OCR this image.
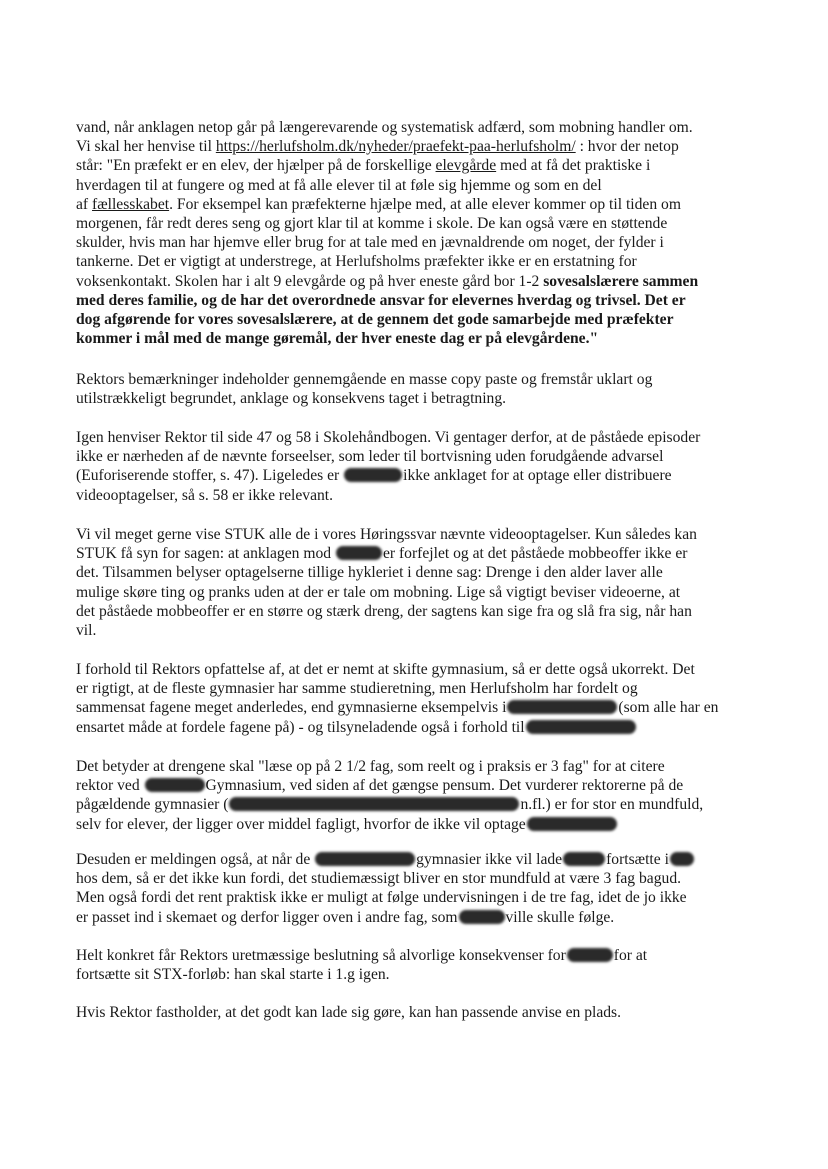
vand, når anklagen netop går på længerevarende og systematisk adfærd, som mobning handler om.
Vi skal her henvise til https://herlufsholm.dk/nyheder/praefekt-paa-herlufsholm/ : hvor der netop
står: "En præfekt er en elev, der hjælper på de forskellige elevgårde med at få det praktiske i
hverdagen til at fungere og med at få alle elever til at føle sig hjemme og som en del
af fællesskabet. For eksempel kan præfekterne hjælpe med, at alle elever kommer op til tiden om
morgenen, får redt deres seng og gjort klar til at komme i skole. De kan også være en støttende
skulder, hvis man har hjemve eller brug for at tale med en jævnaldrende om noget, der fylder i
tankerne. Det er vigtigt at understrege, at Herlufsholms præfekter ikke er en erstatning for
voksenkontakt. Skolen har i alt 9 elevgårde og på hver eneste gård bor 1-2 sovesalslærere sammen
med deres familie, og de har det overordnede ansvar for elevernes hverdag og trivsel. Det er
dog afgørende for vores sovesalslærere, at de gennem det gode samarbejde med præfekter
kommer i mål med de mange gøremål, der hver eneste dag er på elevgårdene."
Rektors bemærkninger indeholder gennemgående en masse copy paste og fremstår uklart og
utilstrækkeligt begrundet, anklage og konsekvens taget i betragtning.
Igen henviser Rektor til side 47 og 58 i Skolehåndbogen. Vi gentager derfor, at de påståede episoder
ikke er nærheden af de nævnte forseelser, som leder til bortvisning uden forudgående advarsel
(Euforiserende stoffer, s. 47). Ligeledes er	ikke anklaget for at optage eller distribuere
videooptagelser, så s. 58 er ikke relevant.
Vi vil meget gerne vise STUK alle de i vores Høringssvar nævnte videooptagelser. Kun således kan
STUK få syn for sagen: at anklagen mod	er forfejlet og at det påståede mobbeoffer ikke er
det. Tilsammen belyser optagelserne tillige hykleriet i denne sag: Drenge i den alder laver alle
mulige skøre ting og pranks uden at der er tale om mobning. Lige så vigtigt beviser videoerne, at
det påståede mobbeoffer er en større og stærk dreng, der sagtens kan sige fra og slå fra sig, når han
vil.
I forhold til Rektors opfattelse af, at det er nemt at skifte gymnasium, så er dette også ukorrekt. Det
er rigtigt, at de fleste gymnasier har samme studieretning, men Herlufsholm har fordelt og
sammensat fagene meget anderledes, end gymnasierne eksempelvis i	(som alle har en
ensartet måde at fordele fagene på) - og tilsyneladende også i forhold til
Det betyder at drengene skal "læse op på 2 1/2 fag, som reelt og i praksis er 3 fag" for at citere
rektor ved	Gymnasium, ved siden af det gængse pensum. Det vurderer rektorerne på de
pågældende gymnasier (	n.fl.) er for stor en mundfuld,
selv for elever, der ligger over middel fagligt, hvorfor de ikke vil optage
Desuden er meldingen også, at når de	gymnasier ikke vil lade	fortsætte i
hos dem, så er det ikke kun fordi, det studiemæssigt bliver en stor mundfuld at være 3 fag bagud.
Men også fordi det rent praktisk ikke er muligt at følge undervisningen i de tre fag, idet de jo ikke
er passet ind i skemaet og derfor ligger oven i andre fag, som	ville skulle følge.
Helt konkret får Rektors uretmæssige beslutning så alvorlige konsekvenser for	for at
fortsætte sit STX-forløb: han skal starte i 1.g igen.
Hvis Rektor fastholder, at det godt kan lade sig gøre, kan han passende anvise en plads.
